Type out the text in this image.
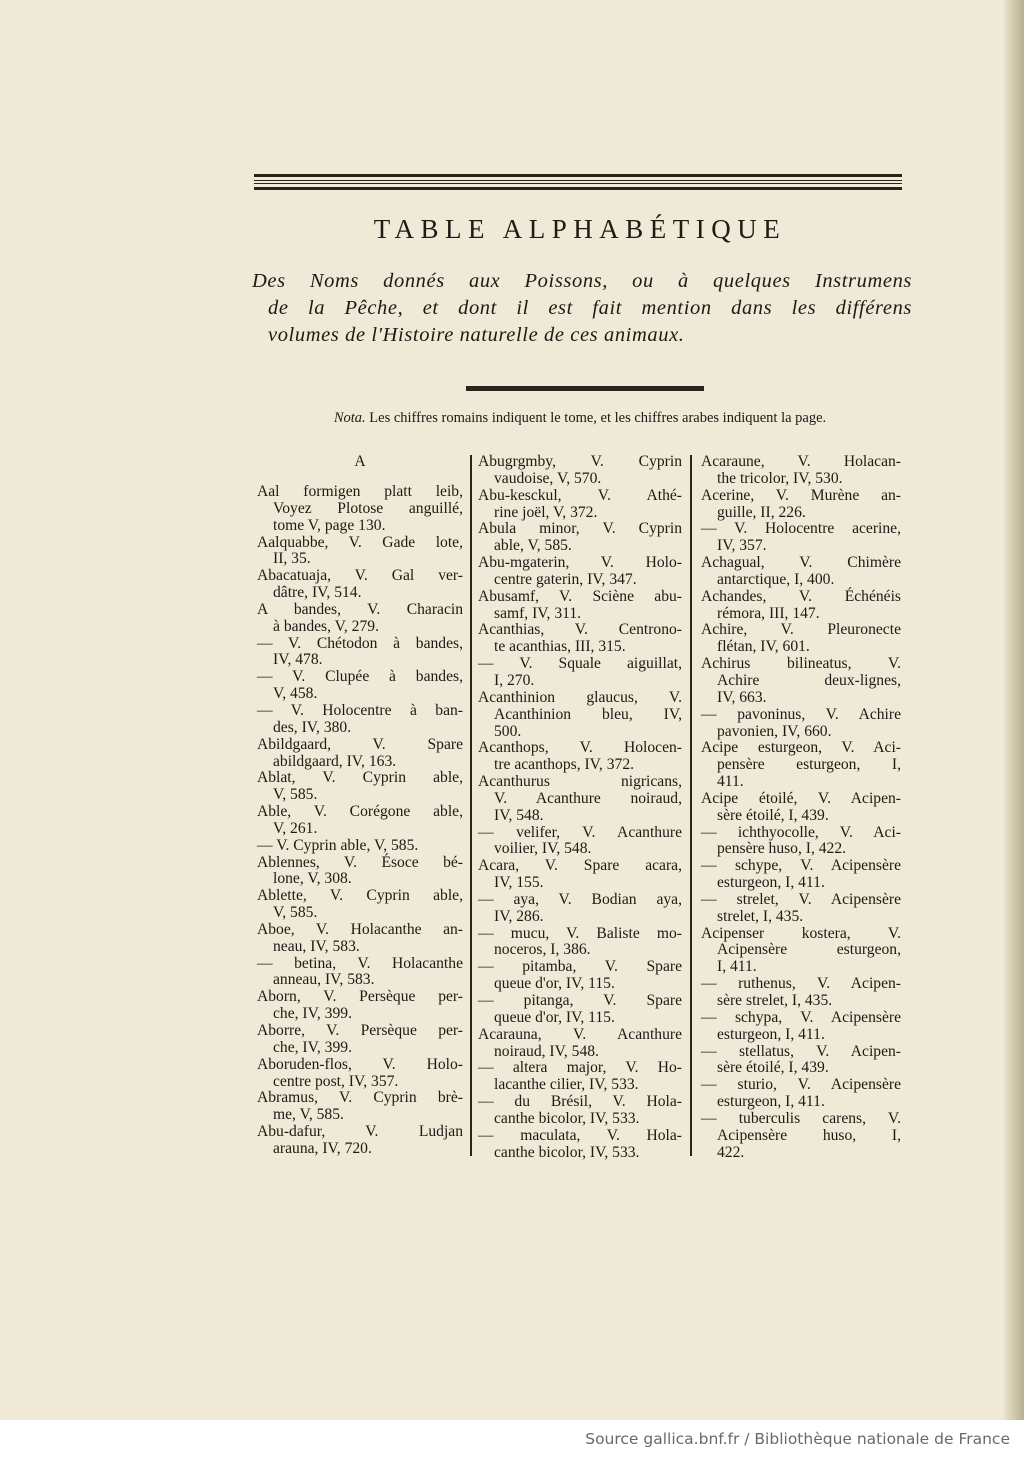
TABLE ALPHABÉTIQUE
Des Noms donnés aux Poissons, ou à quelques Instrumens
de la Pêche, et dont il est fait mention dans les différens
volumes de l'Histoire naturelle de ces animaux.
Nota. Les chiffres romains indiquent le tome, et les chiffres arabes indiquent la page.
A
Aal formigen platt leib,
Voyez Plotose anguillé,
tome V, page 130.
Aalquabbe, V. Gade lote,
II, 35.
Abacatuaja, V. Gal ver-
dâtre, IV, 514.
A bandes, V. Characin
à bandes, V, 279.
— V. Chétodon à bandes,
IV, 478.
— V. Clupée à bandes,
V, 458.
— V. Holocentre à ban-
des, IV, 380.
Abildgaard, V. Spare
abildgaard, IV, 163.
Ablat, V. Cyprin able,
V, 585.
Able, V. Corégone able,
V, 261.
— V. Cyprin able, V, 585.
Ablennes, V. Ésoce bé-
lone, V, 308.
Ablette, V. Cyprin able,
V, 585.
Aboe, V. Holacanthe an-
neau, IV, 583.
— betina, V. Holacanthe
anneau, IV, 583.
Aborn, V. Persèque per-
che, IV, 399.
Aborre, V. Persèque per-
che, IV, 399.
Aboruden-flos, V. Holo-
centre post, IV, 357.
Abramus, V. Cyprin brè-
me, V, 585.
Abu-dafur, V. Ludjan
arauna, IV, 720.
Abugrgmby, V. Cyprin
vaudoise, V, 570.
Abu-kesckul, V. Athé-
rine joël, V, 372.
Abula minor, V. Cyprin
able, V, 585.
Abu-mgaterin, V. Holo-
centre gaterin, IV, 347.
Abusamf, V. Sciène abu-
samf, IV, 311.
Acanthias, V. Centrono-
te acanthias, III, 315.
— V. Squale aiguillat,
I, 270.
Acanthinion glaucus, V.
Acanthinion bleu, IV,
500.
Acanthops, V. Holocen-
tre acanthops, IV, 372.
Acanthurus nigricans,
V. Acanthure noiraud,
IV, 548.
— velifer, V. Acanthure
voilier, IV, 548.
Acara, V. Spare acara,
IV, 155.
— aya, V. Bodian aya,
IV, 286.
— mucu, V. Baliste mo-
noceros, I, 386.
— pitamba, V. Spare
queue d'or, IV, 115.
— pitanga, V. Spare
queue d'or, IV, 115.
Acarauna, V. Acanthure
noiraud, IV, 548.
— altera major, V. Ho-
lacanthe cilier, IV, 533.
— du Brésil, V. Hola-
canthe bicolor, IV, 533.
— maculata, V. Hola-
canthe bicolor, IV, 533.
Acaraune, V. Holacan-
the tricolor, IV, 530.
Acerine, V. Murène an-
guille, II, 226.
— V. Holocentre acerine,
IV, 357.
Achagual, V. Chimère
antarctique, I, 400.
Achandes, V. Échénéis
rémora, III, 147.
Achire, V. Pleuronecte
flétan, IV, 601.
Achirus bilineatus, V.
Achire deux-lignes,
IV, 663.
— pavoninus, V. Achire
pavonien, IV, 660.
Acipe esturgeon, V. Aci-
pensère esturgeon, I,
411.
Acipe étoilé, V. Acipen-
sère étoilé, I, 439.
— ichthyocolle, V. Aci-
pensère huso, I, 422.
— schype, V. Acipensère
esturgeon, I, 411.
— strelet, V. Acipensère
strelet, I, 435.
Acipenser kostera, V.
Acipensère esturgeon,
I, 411.
— ruthenus, V. Acipen-
sère strelet, I, 435.
— schypa, V. Acipensère
esturgeon, I, 411.
— stellatus, V. Acipen-
sère étoilé, I, 439.
— sturio, V. Acipensère
esturgeon, I, 411.
— tuberculis carens, V.
Acipensère huso, I,
422.
Source gallica.bnf.fr / Bibliothèque nationale de France
